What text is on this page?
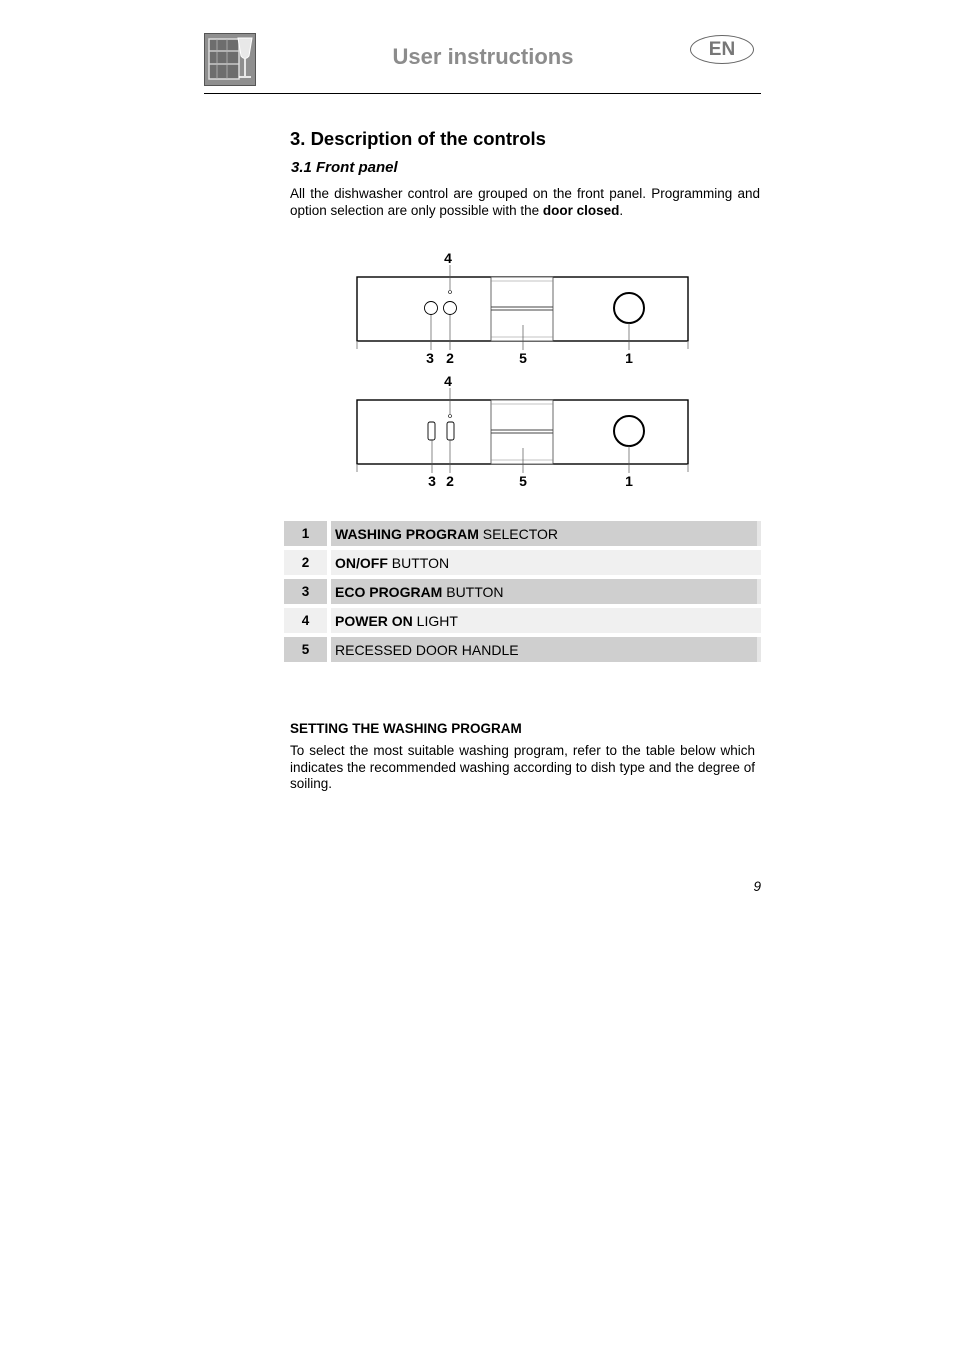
User instructions	EN
3. Description of the controls
3.1 Front panel
All the dishwasher control are grouped on the front panel. Programming and option selection are only possible with the door closed.
4
3 2	5	1
4
3 2	5	1
1	WASHING PROGRAM SELECTOR
2	ON/OFF BUTTON
3	ECO PROGRAM BUTTON
4	POWER ON LIGHT
5	RECESSED DOOR HANDLE
SETTING THE WASHING PROGRAM
To select the most suitable washing program, refer to the table below which indicates the recommended washing according to dish type and the degree of soiling.
9
